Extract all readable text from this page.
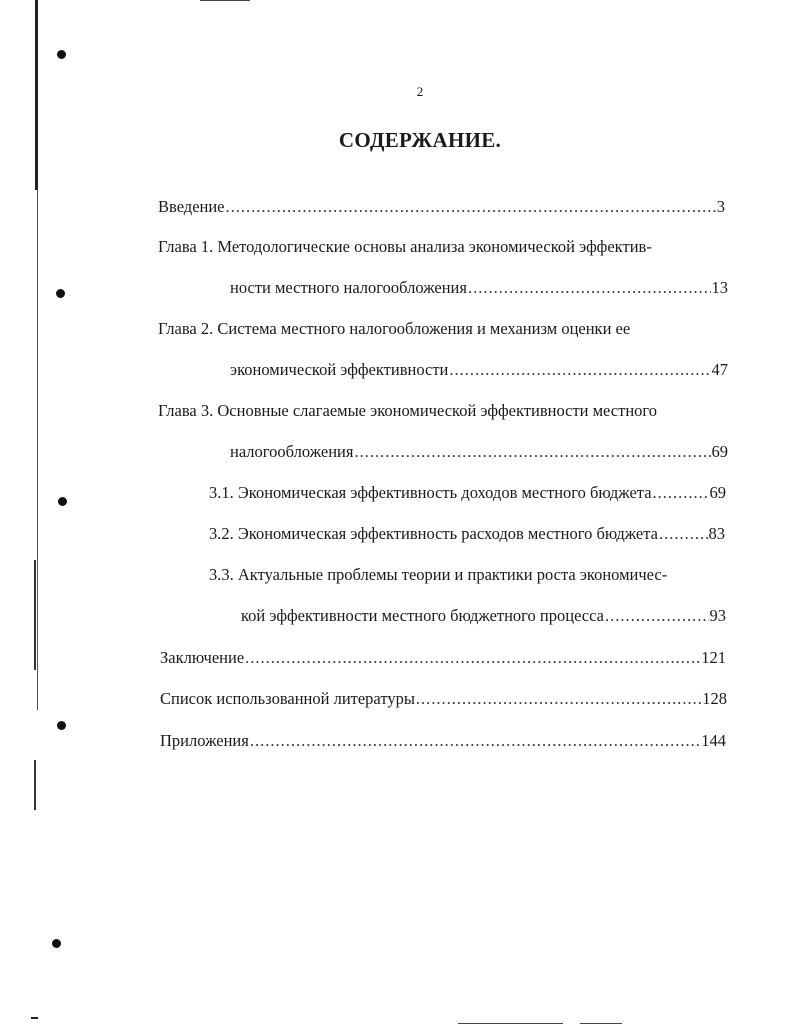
2
СОДЕРЖАНИЕ.
Введение .....	3
Глава 1. Методологические основы анализа экономической эффектив-
ности местного налогообложения .....	13
Глава 2. Система местного налогообложения и механизм оценки ее
экономической эффективности .....	47
Глава 3. Основные слагаемые экономической эффективности местного
налогообложения .....	69
3.1. Экономическая эффективность доходов местного бюджета .....	69
3.2. Экономическая эффективность расходов местного бюджета .....	83
3.3. Актуальные проблемы теории и практики роста экономичес-
кой эффективности местного бюджетного процесса .....	93
Заключение .....	121
Список использованной литературы .....	128
Приложения .....	144
